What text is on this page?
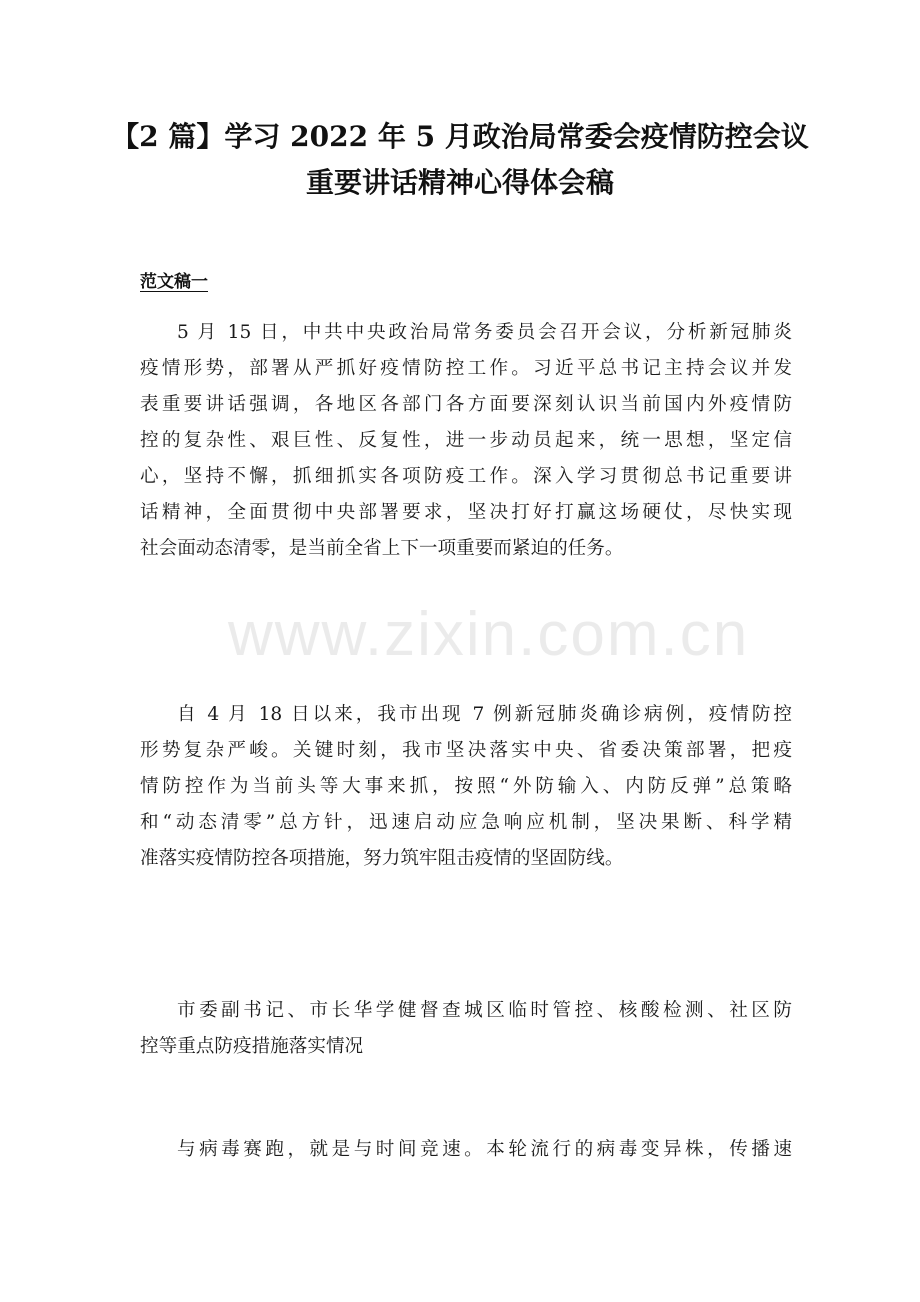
【2 篇】学习 2022 年 5 月政治局常委会疫情防控会议
重要讲话精神心得体会稿
范文稿一
5 月 15 日，中共中央政治局常务委员会召开会议，分析新冠肺炎
疫情形势，部署从严抓好疫情防控工作。习近平总书记主持会议并发
表重要讲话强调，各地区各部门各方面要深刻认识当前国内外疫情防
控的复杂性、艰巨性、反复性，进一步动员起来，统一思想，坚定信
心，坚持不懈，抓细抓实各项防疫工作。深入学习贯彻总书记重要讲
话精神，全面贯彻中央部署要求，坚决打好打赢这场硬仗，尽快实现
社会面动态清零，是当前全省上下一项重要而紧迫的任务。
自 4 月 18 日以来，我市出现 7 例新冠肺炎确诊病例，疫情防控
形势复杂严峻。关键时刻，我市坚决落实中央、省委决策部署，把疫
情防控作为当前头等大事来抓，按照“外防输入、内防反弹”总策略
和“动态清零”总方针，迅速启动应急响应机制，坚决果断、科学精
准落实疫情防控各项措施，努力筑牢阻击疫情的坚固防线。
市委副书记、市长华学健督查城区临时管控、核酸检测、社区防
控等重点防疫措施落实情况
与病毒赛跑，就是与时间竞速。本轮流行的病毒变异株，传播速
www.zixin.com.cn
